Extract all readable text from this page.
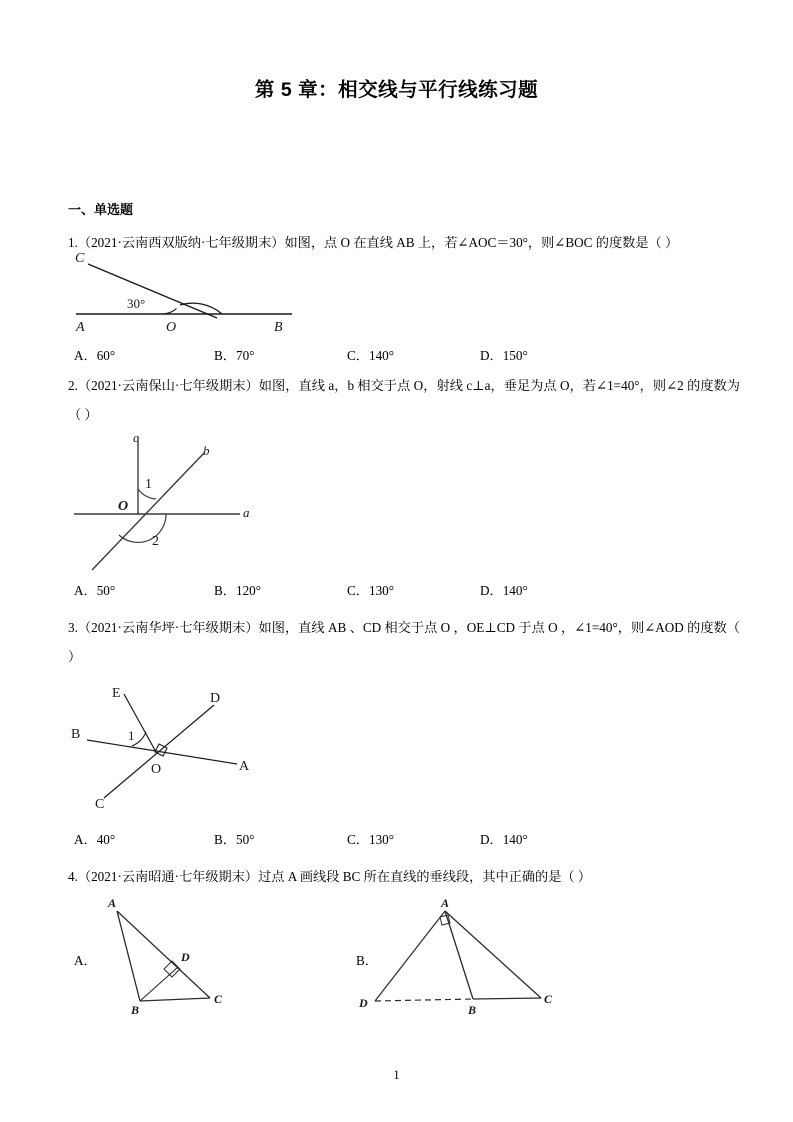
第 5 章：相交线与平行线练习题
一、单选题
1.（2021·云南西双版纳·七年级期末）如图，点 O 在直线 AB 上，若∠AOC＝30°，则∠BOC 的度数是（ ）
C
A	O	B
30°
A．60°	B．70°	C．140°	D．150°
2.（2021·云南保山·七年级期末）如图，直线 a，b 相交于点 O，射线 c⊥a，垂足为点 O，若∠1=40°，则∠2 的度数为（ ）
c
b
a
O
1
2
A．50°	B．120°	C．130°	D．140°
3.（2021·云南华坪·七年级期末）如图，直线 AB 、CD 相交于点 O ，OE⊥CD 于点 O ，∠1=40°，则∠AOD 的度数（ ）
E	D
B
A
C
O
1
A．40°	B．50°	C．130°	D．140°
4.（2021·云南昭通·七年级期末）过点 A 画线段 BC 所在直线的垂线段，其中正确的是（ ）
A．	B．
A
D
B
C
A
D	B
C
1
